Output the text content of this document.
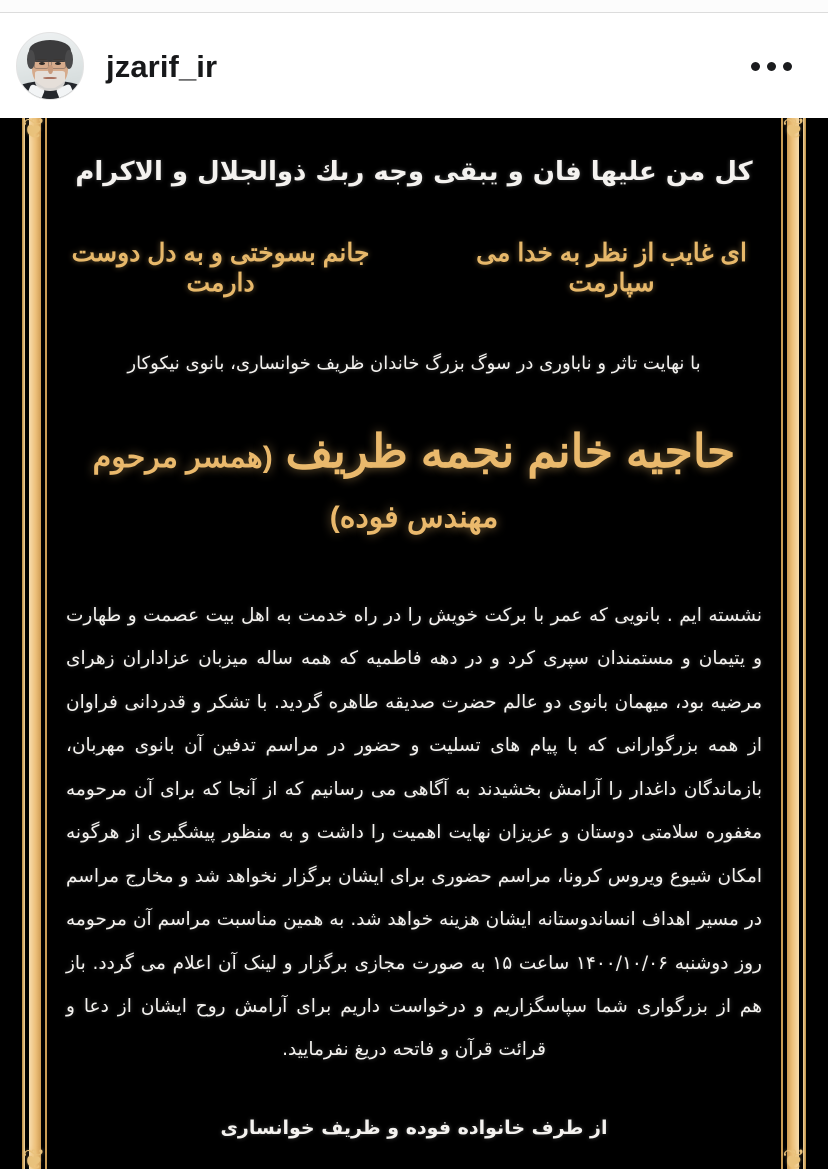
jzarif_ir
❦	❦
❦	❦
كل من عليها فان و يبقى وجه ربك ذوالجلال و الاكرام
ای غایب از نظر به خدا می سپارمت
جانم بسوختی و به دل دوست دارمت
با نهایت تاثر و ناباوری در سوگ بزرگ خاندان ظریف خوانساری، بانوی نیکوکار
حاجیه خانم نجمه ظریف (همسر مرحوم مهندس فوده)
نشسته ایم . بانویی که عمر با برکت خویش را در راه خدمت به اهل بیت عصمت و طهارت و یتیمان و مستمندان سپری کرد و در دهه فاطمیه که همه ساله میزبان عزاداران زهرای مرضیه بود، میهمان بانوی دو عالم حضرت صدیقه طاهره گردید. با تشکر و قدردانی فراوان از همه بزرگوارانی که با پیام های تسلیت و حضور در مراسم تدفین آن بانوی مهربان، بازماندگان داغدار را آرامش بخشیدند به آگاهی می رسانیم که از آنجا که برای آن مرحومه مغفوره سلامتی دوستان و عزیزان نهایت اهمیت را داشت و به منظور پیشگیری از هرگونه امکان شیوع ویروس کرونا، مراسم حضوری برای ایشان برگزار نخواهد شد و مخارج مراسم در مسیر اهداف انساندوستانه ایشان هزینه خواهد شد. به همین مناسبت مراسم آن مرحومه روز دوشنبه ۱۴۰۰/۱۰/۰۶ ساعت ۱۵ به صورت مجازی برگزار و لینک آن اعلام می گردد. باز هم از بزرگواری شما سپاسگزاریم و درخواست داریم برای آرامش روح ایشان از دعا و قرائت قرآن و فاتحه دریغ نفرمایید.
از طرف خانواده فوده و ظریف خوانساری
